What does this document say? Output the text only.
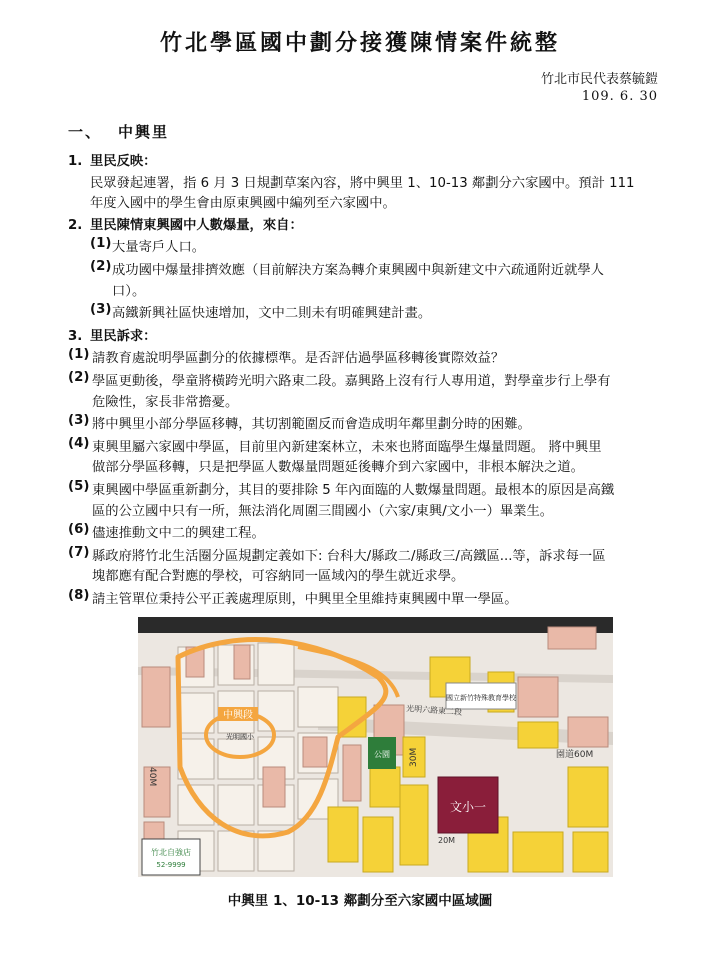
竹北學區國中劃分接獲陳情案件統整
竹北市民代表蔡毓鎧
109. 6. 30
一、 中興里
1. 里民反映：
民眾發起連署，指 6 月 3 日規劃草案內容，將中興里 1、10-13 鄰劃分六家國中。預計 111
年度入國中的學生會由原東興國中編列至六家國中。
2. 里民陳情東興國中人數爆量，來自：
(1) 大量寄戶人口。
(2) 成功國中爆量排擠效應（目前解決方案為轉介東興國中與新建文中六疏通附近就學人
口）。
(3) 高鐵新興社區快速增加，文中二則未有明確興建計畫。
3. 里民訴求：
(1) 請教育處說明學區劃分的依據標準。是否評估過學區移轉後實際效益？
(2) 學區更動後，學童將橫跨光明六路東二段。嘉興路上沒有行人專用道，對學童步行上學有
危險性，家長非常擔憂。
(3) 將中興里小部分學區移轉，其切割範圍反而會造成明年鄰里劃分時的困難。
(4) 東興里屬六家國中學區，目前里內新建案林立，未來也將面臨學生爆量問題。 將中興里
做部分學區移轉，只是把學區人數爆量問題延後轉介到六家國中，非根本解決之道。
(5) 東興國中學區重新劃分，其目的要排除 5 年內面臨的人數爆量問題。最根本的原因是高鐵
區的公立國中只有一所，無法消化周圍三間國小（六家/東興/文小一）畢業生。
(6) 儘速推動文中二的興建工程。
(7) 縣政府將竹北生活圈分區規劃定義如下: 台科大/縣政二/縣政三/高鐵區...等，訴求每一區
塊都應有配合對應的學校，可容納同一區域內的學生就近求學。
(8) 請主管單位秉持公平正義處理原則，中興里全里維持東興國中單一學區。
文小一
公園
國立新竹特殊教育學校
光明六路東二段
園道60M
40M
30M
20M
光明國小
中興段
竹北自強店
52-9999
中興里 1、10-13 鄰劃分至六家國中區域圖
